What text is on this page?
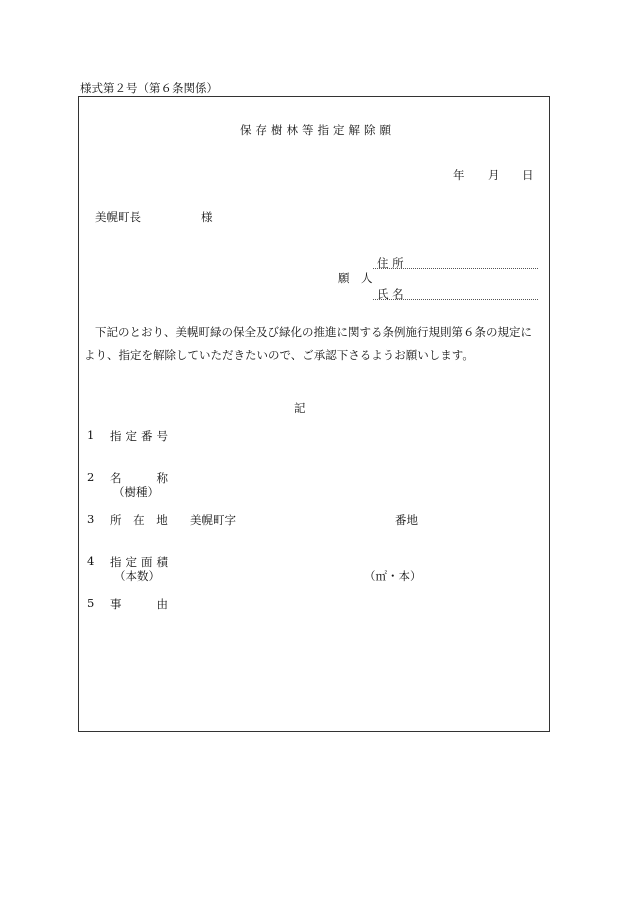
様式第２号（第６条関係）
保存樹林等指定解除願
年 月 日
美幌町長	様
願　人
住 所
氏 名
下記のとおり、美幌町緑の保全及び緑化の推進に関する条例施行規則第６条の規定に
より、指定を解除していただきたいので、ご承認下さるようお願いします。
記
1 指定番号
2 名　　称
（樹種）
3 所 在 地 美幌町字	番地
4 指定面積
（本数）	（㎡・本）
5 事　　由
